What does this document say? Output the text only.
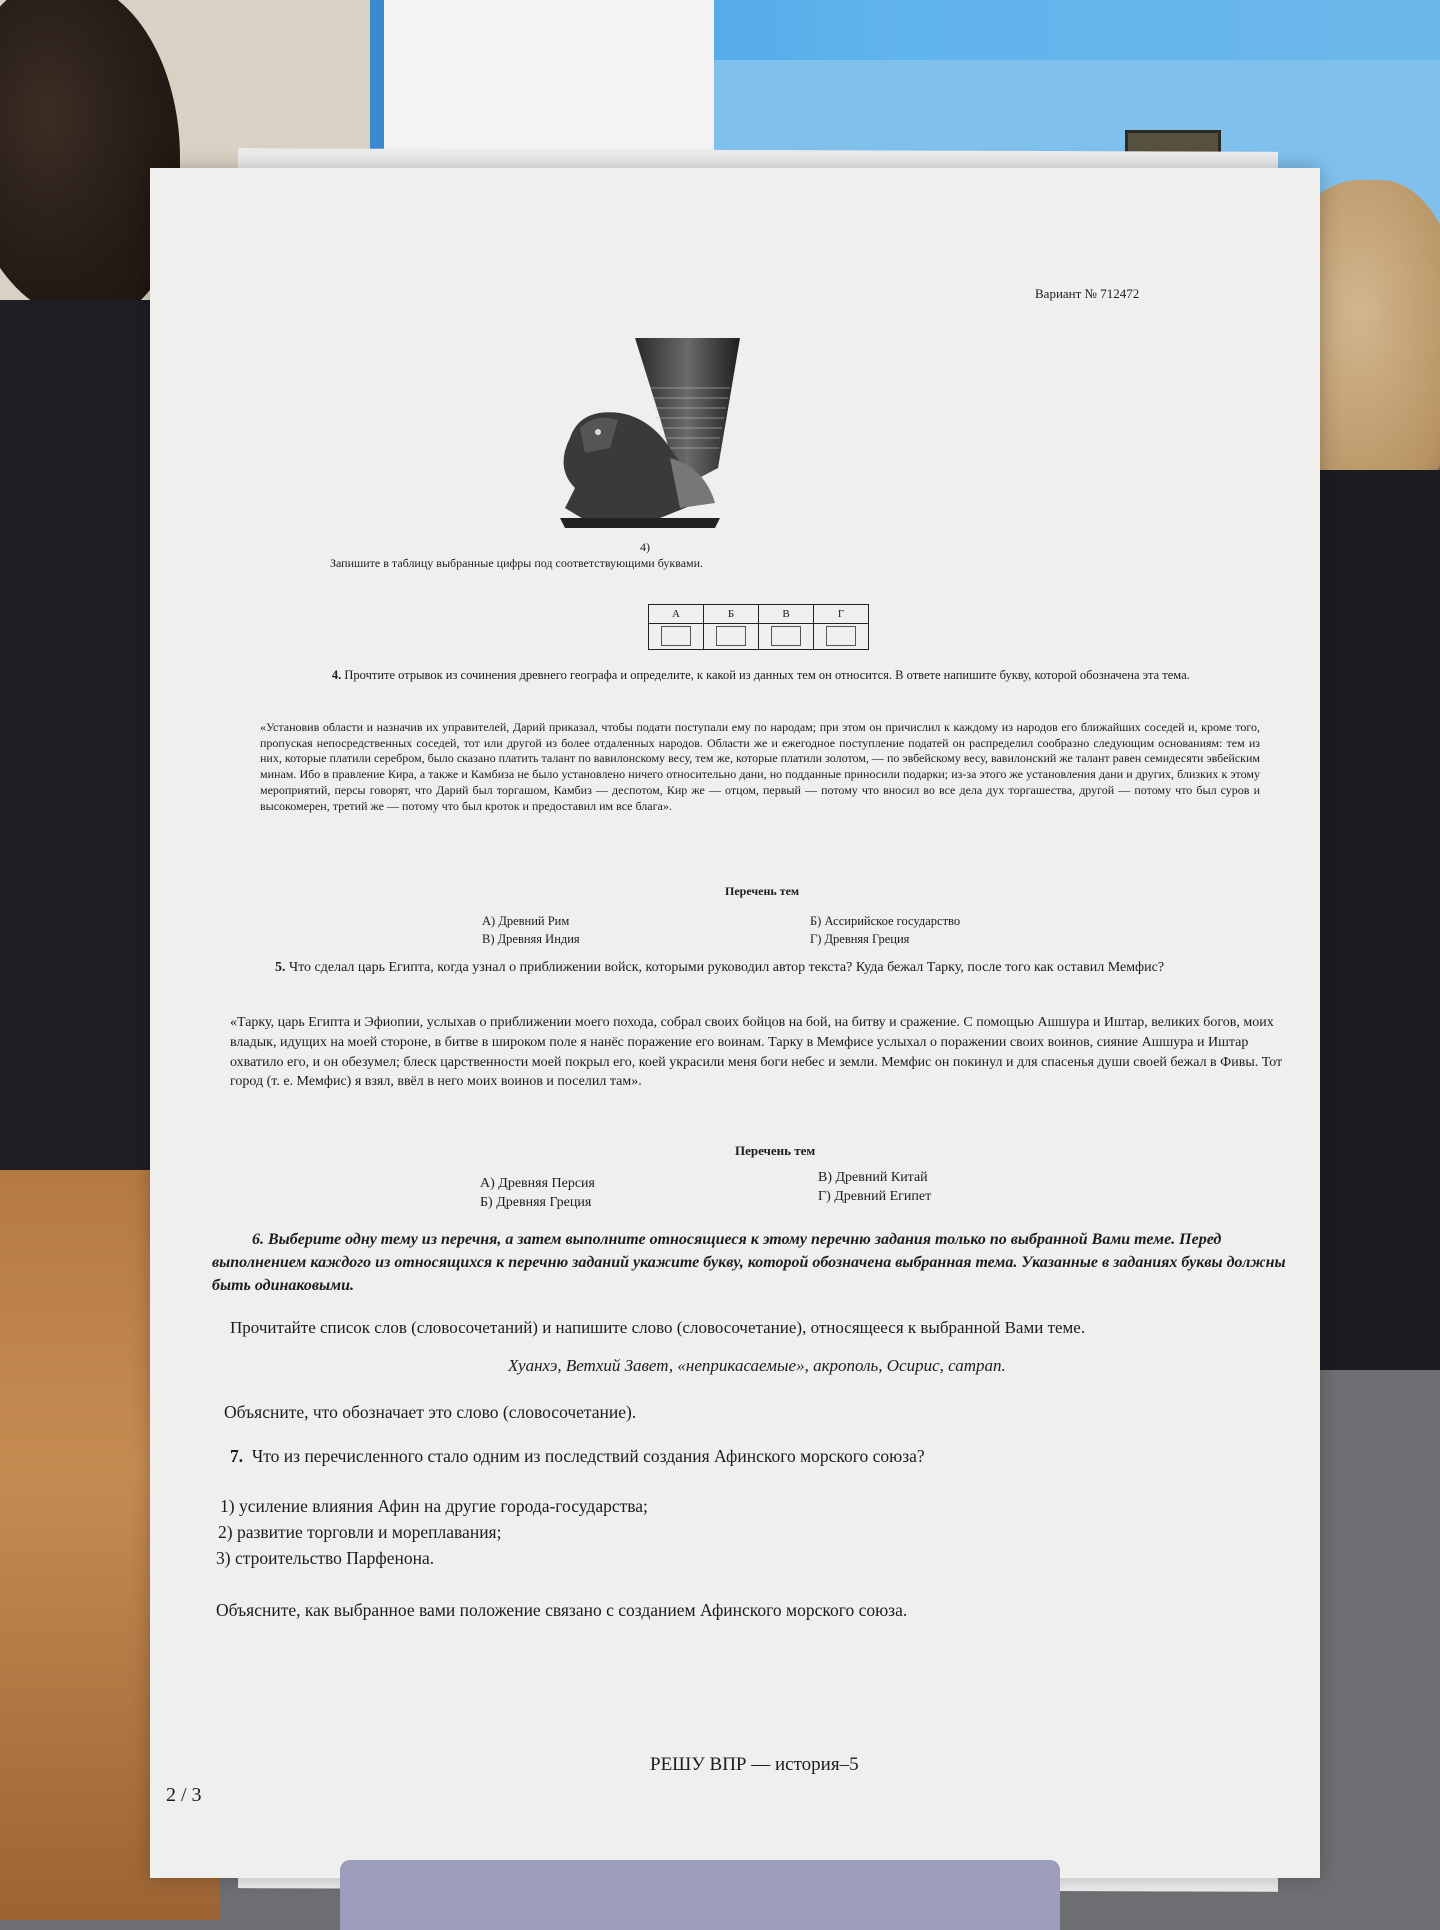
Вариант № 712472
4)
Запишите в таблицу выбранные цифры под соответствующими буквами.
А	Б	В	Г

4. Прочтите отрывок из сочинения древнего географа и определите, к какой из данных тем он относится. В ответе напишите букву, которой обозначена эта тема.
«Установив области и назначив их управителей, Дарий приказал, чтобы подати поступали ему по народам; при этом он причислил к каждому из народов его ближайших соседей и, кроме того, пропуская непосредственных соседей, тот или другой из более отдаленных народов. Области же и ежегодное поступление податей он распределил сообразно следующим основаниям: тем из них, которые платили серебром, было сказано платить талант по вавилонскому весу, тем же, которые платили золотом, — по эвбейскому весу, вавилонский же талант равен семидесяти эвбейским минам. Ибо в правление Кира, а также и Камбиза не было установлено ничего относительно дани, но подданные приносили подарки; из-за этого же установления дани и других, близких к этому мероприятий, персы говорят, что Дарий был торгашом, Камбиз — деспотом, Кир же — отцом, первый — потому что вносил во все дела дух торгашества, другой — потому что был суров и высокомерен, третий же — потому что был кроток и предоставил им все блага».
Перечень тем
А) Древний Рим
В) Древняя Индия
Б) Ассирийское государство
Г) Древняя Греция
5. Что сделал царь Египта, когда узнал о приближении войск, которыми руководил автор текста? Куда бежал Тарку, после того как оставил Мемфис?
«Тарку, царь Египта и Эфиопии, услыхав о приближении моего похода, собрал своих бойцов на бой, на битву и сражение. С помощью Ашшура и Иштар, великих богов, моих владык, идущих на моей стороне, в битве в широком поле я нанёс поражение его воинам. Тарку в Мемфисе услыхал о поражении своих воинов, сияние Ашшура и Иштар охватило его, и он обезумел; блеск царственности моей покрыл его, коей украсили меня боги небес и земли. Мемфис он покинул и для спасенья души своей бежал в Фивы. Тот город (т. е. Мемфис) я взял, ввёл в него моих воинов и поселил там».
Перечень тем
А) Древняя Персия
Б) Древняя Греция
В) Древний Китай
Г) Древний Египет
6. Выберите одну тему из перечня, а затем выполните относящиеся к этому перечню задания только по выбранной Вами теме. Перед выполнением каждого из относящихся к перечню заданий укажите букву, которой обозначена выбранная тема. Указанные в заданиях буквы должны быть одинаковыми.
Прочитайте список слов (словосочетаний) и напишите слово (словосочетание), относящееся к выбранной Вами теме.
Хуанхэ, Ветхий Завет, «неприкасаемые», акрополь, Осирис, сатрап.
Объясните, что обозначает это слово (словосочетание).
7. Что из перечисленного стало одним из последствий создания Афинского морского союза?
1) усиление влияния Афин на другие города-государства;
2) развитие торговли и мореплавания;
3) строительство Парфенона.
Объясните, как выбранное вами положение связано с созданием Афинского морского союза.
РЕШУ ВПР — история–5
2 / 3
